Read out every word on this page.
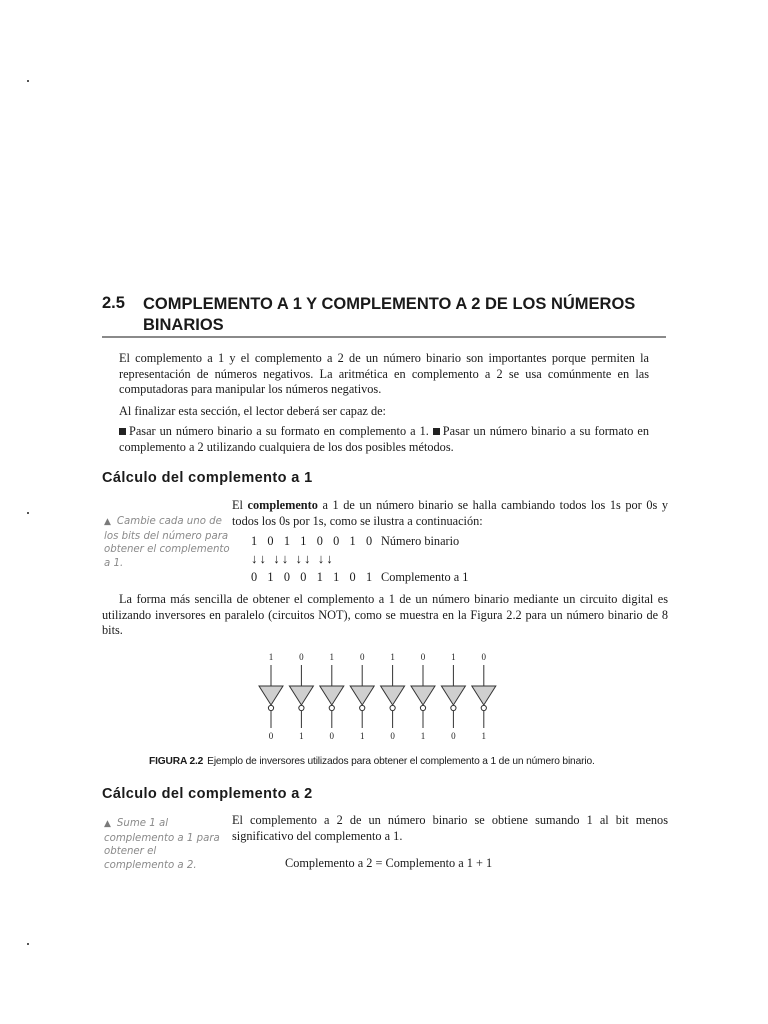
2.5 COMPLEMENTO A 1 Y COMPLEMENTO A 2 DE LOS NÚMEROS BINARIOS
El complemento a 1 y el complemento a 2 de un número binario son importantes porque permiten la representación de números negativos. La aritmética en complemento a 2 se usa comúnmente en las computadoras para manipular los números negativos.
Al finalizar esta sección, el lector deberá ser capaz de:
Pasar un número binario a su formato en complemento a 1. Pasar un número binario a su formato en complemento a 2 utilizando cualquiera de los dos posibles métodos.
Cálculo del complemento a 1
El complemento a 1 de un número binario se halla cambiando todos los 1s por 0s y todos los 0s por 1s, como se ilustra a continuación:
▲ Cambie cada uno de los bits del número para obtener el complemento a 1.
1 0 1 1 0 0 1 0 Número binario
↓↓ ↓↓ ↓↓ ↓↓
0 1 0 0 1 1 0 1 Complemento a 1
La forma más sencilla de obtener el complemento a 1 de un número binario mediante un circuito digital es utilizando inversores en paralelo (circuitos NOT), como se muestra en la Figura 2.2 para un número binario de 8 bits.
1
0
0
1
1
0
0
1
1
0
0
1
1
0
0
1
FIGURA 2.2 Ejemplo de inversores utilizados para obtener el complemento a 1 de un número binario.
Cálculo del complemento a 2
▲ Sume 1 al complemento a 1 para obtener el complemento a 2.
El complemento a 2 de un número binario se obtiene sumando 1 al bit menos significativo del complemento a 1.
Complemento a 2 = Complemento a 1 + 1
